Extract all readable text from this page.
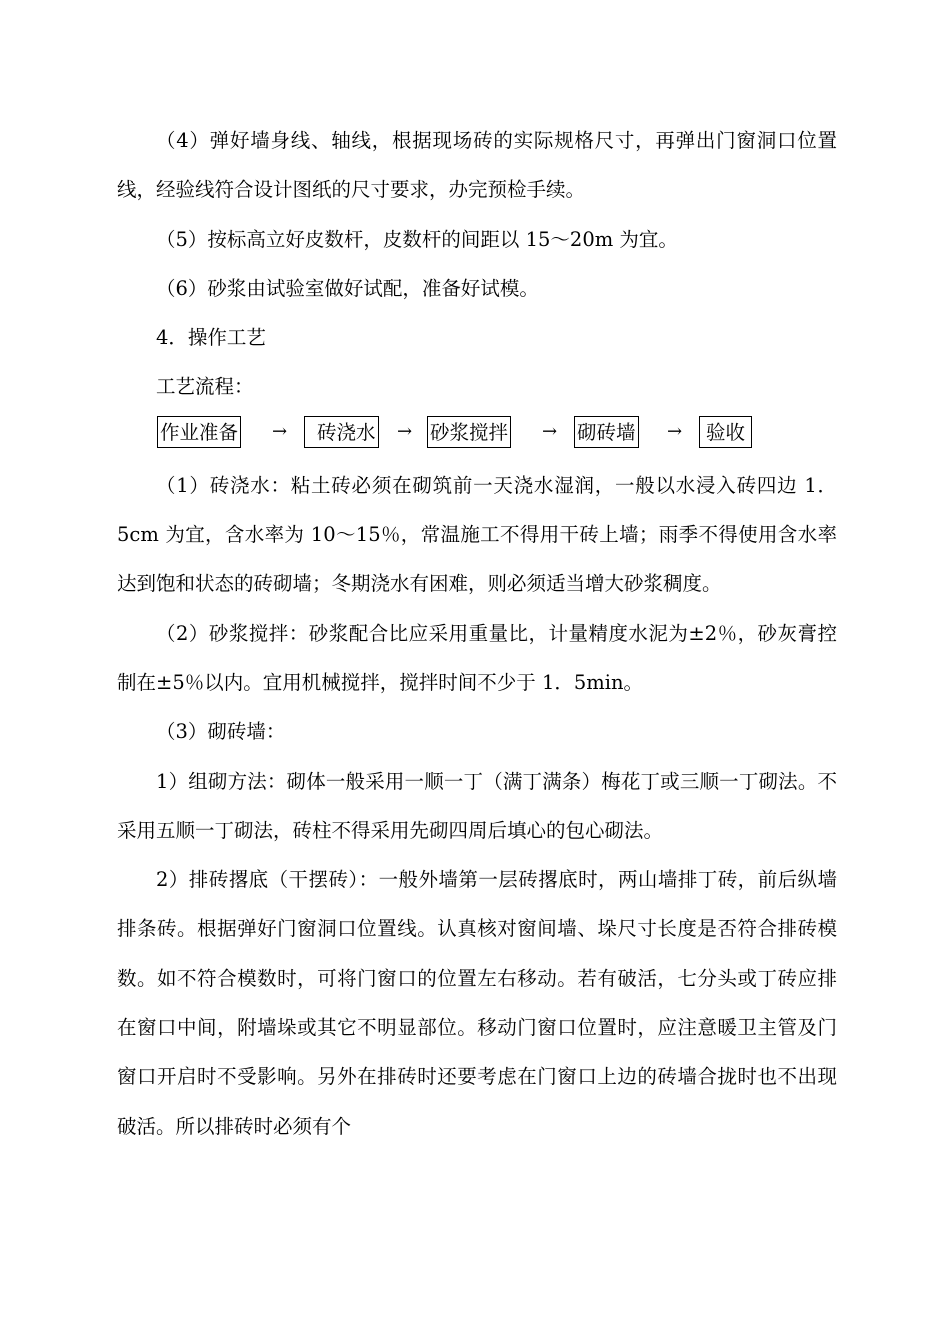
（4）弹好墙身线、轴线，根据现场砖的实际规格尺寸，再弹出门窗洞口位置线，经验线符合设计图纸的尺寸要求，办完预检手续。

（5）按标高立好皮数杆，皮数杆的间距以 15～20m 为宜。

（6）砂浆由试验室做好试配，准备好试模。

4．操作工艺

工艺流程：

作业准备 →	砖浇水 → 砂浆搅拌 → 砌砖墙 →	验收

（1）砖浇水：粘土砖必须在砌筑前一天浇水湿润，一般以水浸入砖四边 1．5cm 为宜，含水率为 10～15％，常温施工不得用干砖上墙；雨季不得使用含水率达到饱和状态的砖砌墙；冬期浇水有困难，则必须适当增大砂浆稠度。

（2）砂浆搅拌：砂浆配合比应采用重量比，计量精度水泥为±2％，砂灰膏控制在±5％以内。宜用机械搅拌，搅拌时间不少于 1．5min。

（3）砌砖墙：

1）组砌方法：砌体一般采用一顺一丁（满丁满条）梅花丁或三顺一丁砌法。不采用五顺一丁砌法，砖柱不得采用先砌四周后填心的包心砌法。

2）排砖撂底（干摆砖）：一般外墙第一层砖撂底时，两山墙排丁砖，前后纵墙排条砖。根据弹好门窗洞口位置线。认真核对窗间墙、垛尺寸长度是否符合排砖模数。如不符合模数时，可将门窗口的位置左右移动。若有破活，七分头或丁砖应排在窗口中间，附墙垛或其它不明显部位。移动门窗口位置时，应注意暖卫主管及门窗口开启时不受影响。另外在排砖时还要考虑在门窗口上边的砖墙合拢时也不出现破活。所以排砖时必须有个
